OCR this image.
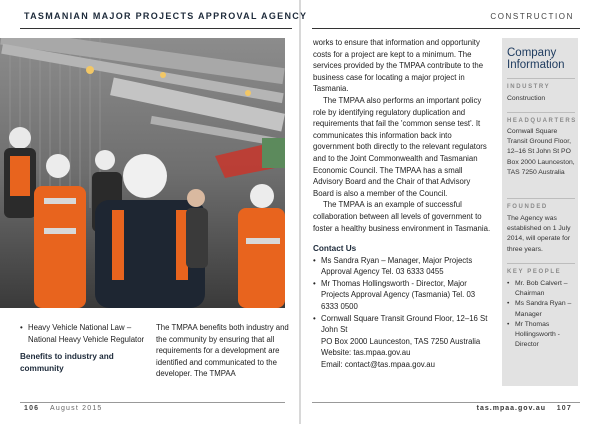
TASMANIAN MAJOR PROJECTS APPROVAL AGENCY	CONSTRUCTION
• Heavy Vehicle National Law – National Heavy Vehicle Regulator
Benefits to industry and community
The TMPAA benefits both industry and the community by ensuring that all requirements for a development are identified and communicated to the developer. The TMPAA

works to ensure that information and opportunity costs for a project are kept to a minimum. The services provided by the TMPAA contribute to the business case for locating a major project in Tasmania.

The TMPAA also performs an important policy role by identifying regulatory duplication and requirements that fail the 'common sense test'. It communicates this information back into government both directly to the relevant regulators and to the Joint Commonwealth and Tasmanian Economic Council. The TMPAA has a small Advisory Board and the Chair of that Advisory Board is also a member of the Council.

The TMPAA is an example of successful collaboration between all levels of government to foster a healthy business environment in Tasmania.

Contact Us
• Ms Sandra Ryan – Manager, Major Projects Approval Agency Tel. 03 6333 0455
• Mr Thomas Hollingsworth - Director, Major Projects Approval Agency (Tasmania) Tel. 03 6333 0500
• Cornwall Square Transit Ground Floor, 12–16 St John St
PO Box 2000 Launceston, TAS 7250 Australia
Website: tas.mpaa.gov.au
Email: contact@tas.mpaa.gov.au
Company Information
INDUSTRY
Construction
HEADQUARTERS
Cornwall Square Transit Ground Floor, 12–16 St John St PO Box 2000 Launceston, TAS 7250 Australia
FOUNDED
The Agency was established on 1 July 2014, will operate for three years.
KEY PEOPLE
• Mr. Bob Calvert – Chairman
• Ms Sandra Ryan – Manager
• Mr Thomas Hollingsworth - Director
106 August 2015	tas.mpaa.gov.au 107
